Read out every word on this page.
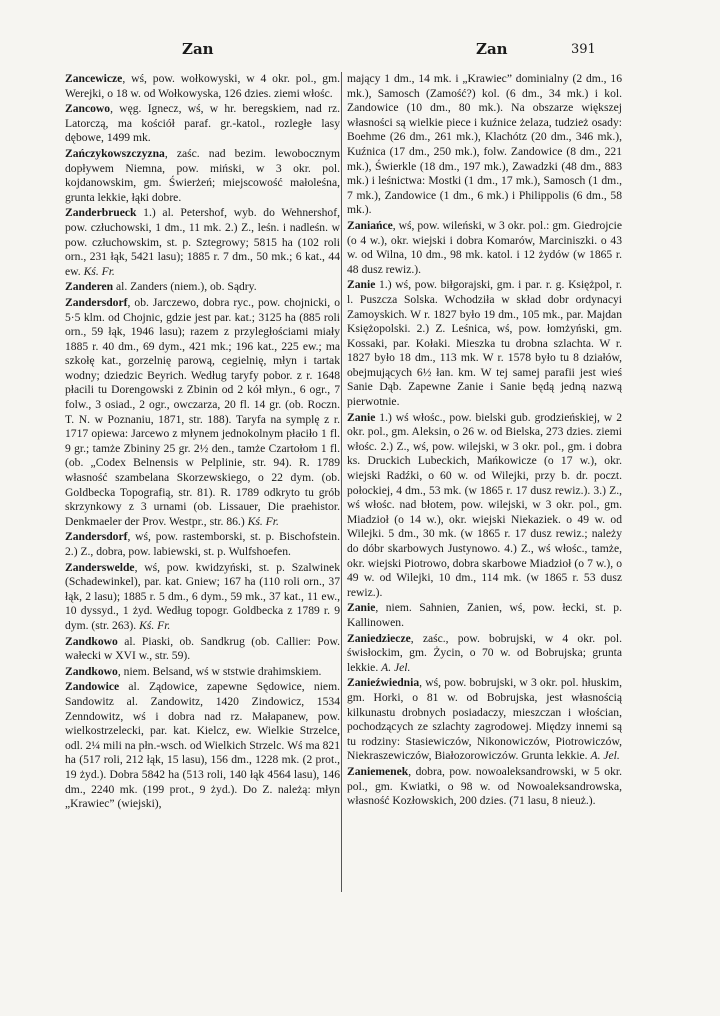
Zan	Zan	391
Zancewicze, wś, pow. wołkowyski, w 4 okr. pol., gm. Werejki, o 18 w. od Wołkowyska, 126 dzies. ziemi włośc.
Zancowo, węg. Ignecz, wś, w hr. beregskiem, nad rz. Latorczą, ma kościół paraf. gr.-katol., rozległe lasy dębowe, 1499 mk.
Zańczykowszczyzna, zaśc. nad bezim. lewobocznym dopływem Niemna, pow. miński, w 3 okr. pol. kojdanowskim, gm. Świerżeń; miejscowość małoleśna, grunta lekkie, łąki dobre.
Zanderbrueck 1.) al. Petershof, wyb. do Wehnershof, pow. człuchowski, 1 dm., 11 mk. 2.) Z., leśn. i nadleśn. w pow. człuchowskim, st. p. Sztegrowy; 5815 ha (102 roli orn., 231 łąk, 5421 lasu); 1885 r. 7 dm., 50 mk.; 6 kat., 44 ew. Kś. Fr.
Zanderen al. Zanders (niem.), ob. Sądry.
Zandersdorf, ob. Jarczewo, dobra ryc., pow. chojnicki, o 5·5 klm. od Chojnic, gdzie jest par. kat.; 3125 ha (885 roli orn., 59 łąk, 1946 lasu); razem z przyległościami miały 1885 r. 40 dm., 69 dym., 421 mk.; 196 kat., 225 ew.; ma szkołę kat., gorzelnię parową, cegielnię, młyn i tartak wodny; dziedzic Beyrich. Według taryfy pobor. z r. 1648 płacili tu Dorengowski z Zbinin od 2 kół młyn., 6 ogr., 7 folw., 3 osiad., 2 ogr., owczarza, 20 fl. 14 gr. (ob. Roczn. T. N. w Poznaniu, 1871, str. 188). Taryfa na symplę z r. 1717 opiewa: Jarcewo z młynem jednokolnym płaciło 1 fl. 9 gr.; tamże Zbininy 25 gr. 2½ den., tamże Czartołom 1 fl. (ob. „Codex Belnensis w Pelplinie, str. 94). R. 1789 własność szambelana Skorzewskiego, o 22 dym. (ob. Goldbecka Topografią, str. 81). R. 1789 odkryto tu grób skrzynkowy z 3 urnami (ob. Lissauer, Die praehistor. Denkmaeler der Prov. Westpr., str. 86.) Kś. Fr.
Zandersdorf, wś, pow. rastemborski, st. p. Bischofstein. 2.) Z., dobra, pow. labiewski, st. p. Wulfshoefen.
Zanderswelde, wś, pow. kwidzyński, st. p. Szalwinek (Schadewinkel), par. kat. Gniew; 167 ha (110 roli orn., 37 łąk, 2 lasu); 1885 r. 5 dm., 6 dym., 59 mk., 37 kat., 11 ew., 10 dyssyd., 1 żyd. Według topogr. Goldbecka z 1789 r. 9 dym. (str. 263). Kś. Fr.
Zandkowo al. Piaski, ob. Sandkrug (ob. Callier: Pow. wałecki w XVI w., str. 59).
Zandkowo, niem. Belsand, wś w ststwie drahimskiem.
Zandowice al. Ządowice, zapewne Sędowice, niem. Sandowitz al. Zandowitz, 1420 Zindowicz, 1534 Zenndowitz, wś i dobra nad rz. Małapanew, pow. wielkostrzelecki, par. kat. Kielcz, ew. Wielkie Strzelce, odl. 2¼ mili na płn.-wsch. od Wielkich Strzelc. Wś ma 821 ha (517 roli, 212 łąk, 15 lasu), 156 dm., 1228 mk. (2 prot., 19 żyd.). Dobra 5842 ha (513 roli, 140 łąk 4564 lasu), 146 dm., 2240 mk. (199 prot., 9 żyd.). Do Z. należą: młyn „Krawiec” (wiejski),
mający 1 dm., 14 mk. i „Krawiec” dominialny (2 dm., 16 mk.), Samosch (Zamość?) kol. (6 dm., 34 mk.) i kol. Zandowice (10 dm., 80 mk.). Na obszarze większej własności są wielkie piece i kuźnice żelaza, tudzież osady: Boehme (26 dm., 261 mk.), Klachótz (20 dm., 346 mk.), Kuźnica (17 dm., 250 mk.), folw. Zandowice (8 dm., 221 mk.), Świerkle (18 dm., 197 mk.), Zawadzki (48 dm., 883 mk.) i leśnictwa: Mostki (1 dm., 17 mk.), Samosch (1 dm., 7 mk.), Zandowice (1 dm., 6 mk.) i Philippolis (6 dm., 58 mk.).
Zaniańce, wś, pow. wileński, w 3 okr. pol.: gm. Giedrojcie (o 4 w.), okr. wiejski i dobra Komarów, Marciniszki. o 43 w. od Wilna, 10 dm., 98 mk. katol. i 12 żydów (w 1865 r. 48 dusz rewiz.).
Zanie 1.) wś, pow. biłgorajski, gm. i par. r. g. Księżpol, r. l. Puszcza Solska. Wchodziła w skład dobr ordynacyi Zamoyskich. W r. 1827 było 19 dm., 105 mk., par. Majdan Księżopolski. 2.) Z. Leśnica, wś, pow. łomżyński, gm. Kossaki, par. Kołaki. Mieszka tu drobna szlachta. W r. 1827 było 18 dm., 113 mk. W r. 1578 było tu 8 działów, obejmujących 6½ łan. km. W tej samej parafii jest wieś Sanie Dąb. Zapewne Zanie i Sanie będą jedną nazwą pierwotnie.
Zanie 1.) wś włośc., pow. bielski gub. grodzieńskiej, w 2 okr. pol., gm. Aleksin, o 26 w. od Bielska, 273 dzies. ziemi włośc. 2.) Z., wś, pow. wilejski, w 3 okr. pol., gm. i dobra ks. Druckich Lubeckich, Mańkowicze (o 17 w.), okr. wiejski Radźki, o 60 w. od Wilejki, przy b. dr. poczt. połockiej, 4 dm., 53 mk. (w 1865 r. 17 dusz rewiz.). 3.) Z., wś włośc. nad błotem, pow. wilejski, w 3 okr. pol., gm. Miadzioł (o 14 w.), okr. wiejski Niekaziek. o 49 w. od Wilejki. 5 dm., 30 mk. (w 1865 r. 17 dusz rewiz.; należy do dóbr skarbowych Justynowo. 4.) Z., wś włośc., tamże, okr. wiejski Piotrowo, dobra skarbowe Miadzioł (o 7 w.), o 49 w. od Wilejki, 10 dm., 114 mk. (w 1865 r. 53 dusz rewiz.).
Zanie, niem. Sahnien, Zanien, wś, pow. łecki, st. p. Kallinowen.
Zaniedziecze, zaśc., pow. bobrujski, w 4 okr. pol. świsłockim, gm. Życin, o 70 w. od Bobrujska; grunta lekkie. A. Jel.
Zanieźwiednia, wś, pow. bobrujski, w 3 okr. pol. hłuskim, gm. Horki, o 81 w. od Bobrujska, jest własnością kilkunastu drobnych posiadaczy, mieszczan i włościan, pochodzących ze szlachty zagrodowej. Między innemi są tu rodziny: Stasiewiczów, Nikonowiczów, Piotrowiczów, Niekraszewiczów, Białozorowiczów. Grunta lekkie. A. Jel.
Zaniemenek, dobra, pow. nowoaleksandrowski, w 5 okr. pol., gm. Kwiatki, o 98 w. od Nowoaleksandrowska, własność Kozłowskich, 200 dzies. (71 lasu, 8 nieuż.).
